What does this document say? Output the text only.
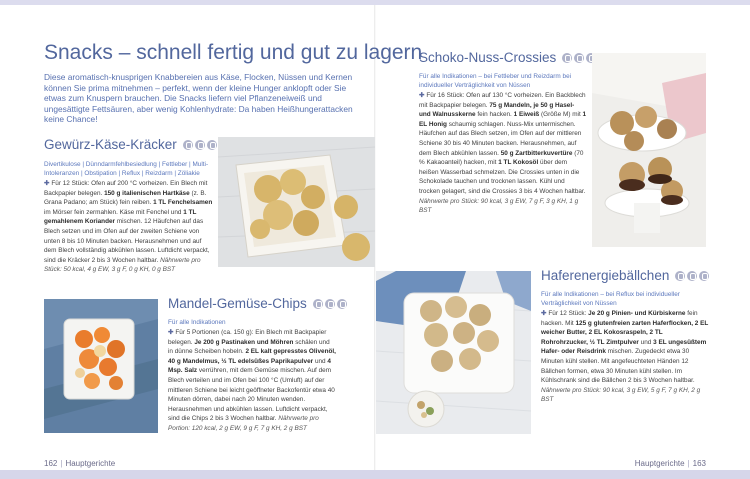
Snacks – schnell fertig und gut zu lagern
Diese aromatisch-knusprigen Knabbereien aus Käse, Flocken, Nüssen und Kernen können Sie prima mitnehmen – perfekt, wenn der kleine Hunger anklopft oder Sie etwas zum Knuspern brauchen. Die Snacks liefern viel Pflanzeneiweiß und ungesättigte Fettsäuren, aber wenig Kohlenhydrate: Da haben Heißhungerattacken keine Chance!
Gewürz-Käse-Kräcker
Divertikulose | Dünndarmfehlbesiedlung | Fettleber | Multi-Intoleranzen | Obstipation | Reflux | Reizdarm | Zöliakie
✚ Für 12 Stück: Ofen auf 200 °C vorheizen. Ein Blech mit Backpapier belegen. 150 g italienischen Hartkäse (z. B. Grana Padano; am Stück) fein reiben. 1 TL Fenchelsamen im Mörser fein zermahlen. Käse mit Fenchel und 1 TL gemahlenem Koriander mischen. 12 Häufchen auf das Blech setzen und im Ofen auf der zweiten Schiene von unten 8 bis 10 Minuten backen. Herausnehmen und auf dem Blech vollständig abkühlen lassen. Luftdicht verpackt, sind die Kräcker 2 bis 3 Wochen haltbar. Nährwerte pro Stück: 50 kcal, 4 g EW, 3 g F, 0 g KH, 0 g BST
Mandel-Gemüse-Chips
Für alle Indikationen
✚ Für 5 Portionen (ca. 150 g): Ein Blech mit Backpapier belegen. Je 200 g Pastinaken und Möhren schälen und in dünne Scheiben hobeln. 2 EL kalt gepresstes Olivenöl, 40 g Mandelmus, ½ TL edelsüßes Paprikapulver und 4 Msp. Salz verrühren, mit dem Gemüse mischen. Auf dem Blech verteilen und im Ofen bei 100 °C (Umluft) auf der mittleren Schiene bei leicht geöffneter Backofentür etwa 40 Minuten dörren, dabei nach 20 Minuten wenden. Herausnehmen und abkühlen lassen. Luftdicht verpackt, sind die Chips 2 bis 3 Wochen haltbar. Nährwerte pro Portion: 120 kcal, 2 g EW, 9 g F, 7 g KH, 2 g BST
Schoko-Nuss-Crossies
Für alle Indikationen – bei Fettleber und Reizdarm bei individueller Verträglichkeit von Nüssen
✚ Für 16 Stück: Ofen auf 130 °C vorheizen. Ein Backblech mit Backpapier belegen. 75 g Mandeln, je 50 g Hasel- und Walnusskerne fein hacken. 1 Eiweiß (Größe M) mit 1 EL Honig schaumig schlagen. Nuss-Mix untermischen. Häufchen auf das Blech setzen, im Ofen auf der mittleren Schiene 30 bis 40 Minuten backen. Herausnehmen, auf dem Blech abkühlen lassen. 50 g Zartbitterkuvertüre (70 % Kakaoanteil) hacken, mit 1 TL Kokosöl über dem heißen Wasserbad schmelzen. Die Crossies unten in die Schokolade tauchen und trocknen lassen. Kühl und trocken gelagert, sind die Crossies 3 bis 4 Wochen haltbar. Nährwerte pro Stück: 90 kcal, 3 g EW, 7 g F, 3 g KH, 1 g BST
Haferenergiebällchen
Für alle Indikationen – bei Reflux bei individueller Verträglichkeit von Nüssen
✚ Für 12 Stück: Je 20 g Pinien- und Kürbiskerne fein hacken. Mit 125 g glutenfreien zarten Haferflocken, 2 EL weicher Butter, 2 EL Kokosraspeln, 2 TL Rohrohrzucker, ½ TL Zimtpulver und 3 EL ungesüßtem Hafer- oder Reisdrink mischen. Zugedeckt etwa 30 Minuten kühl stellen. Mit angefeuchteten Händen 12 Bällchen formen, etwa 30 Minuten kühl stellen. Im Kühlschrank sind die Bällchen 2 bis 3 Wochen haltbar. Nährwerte pro Stück: 90 kcal, 3 g EW, 5 g F, 7 g KH, 2 g BST
162 | Hauptgerichte	Hauptgerichte | 163
